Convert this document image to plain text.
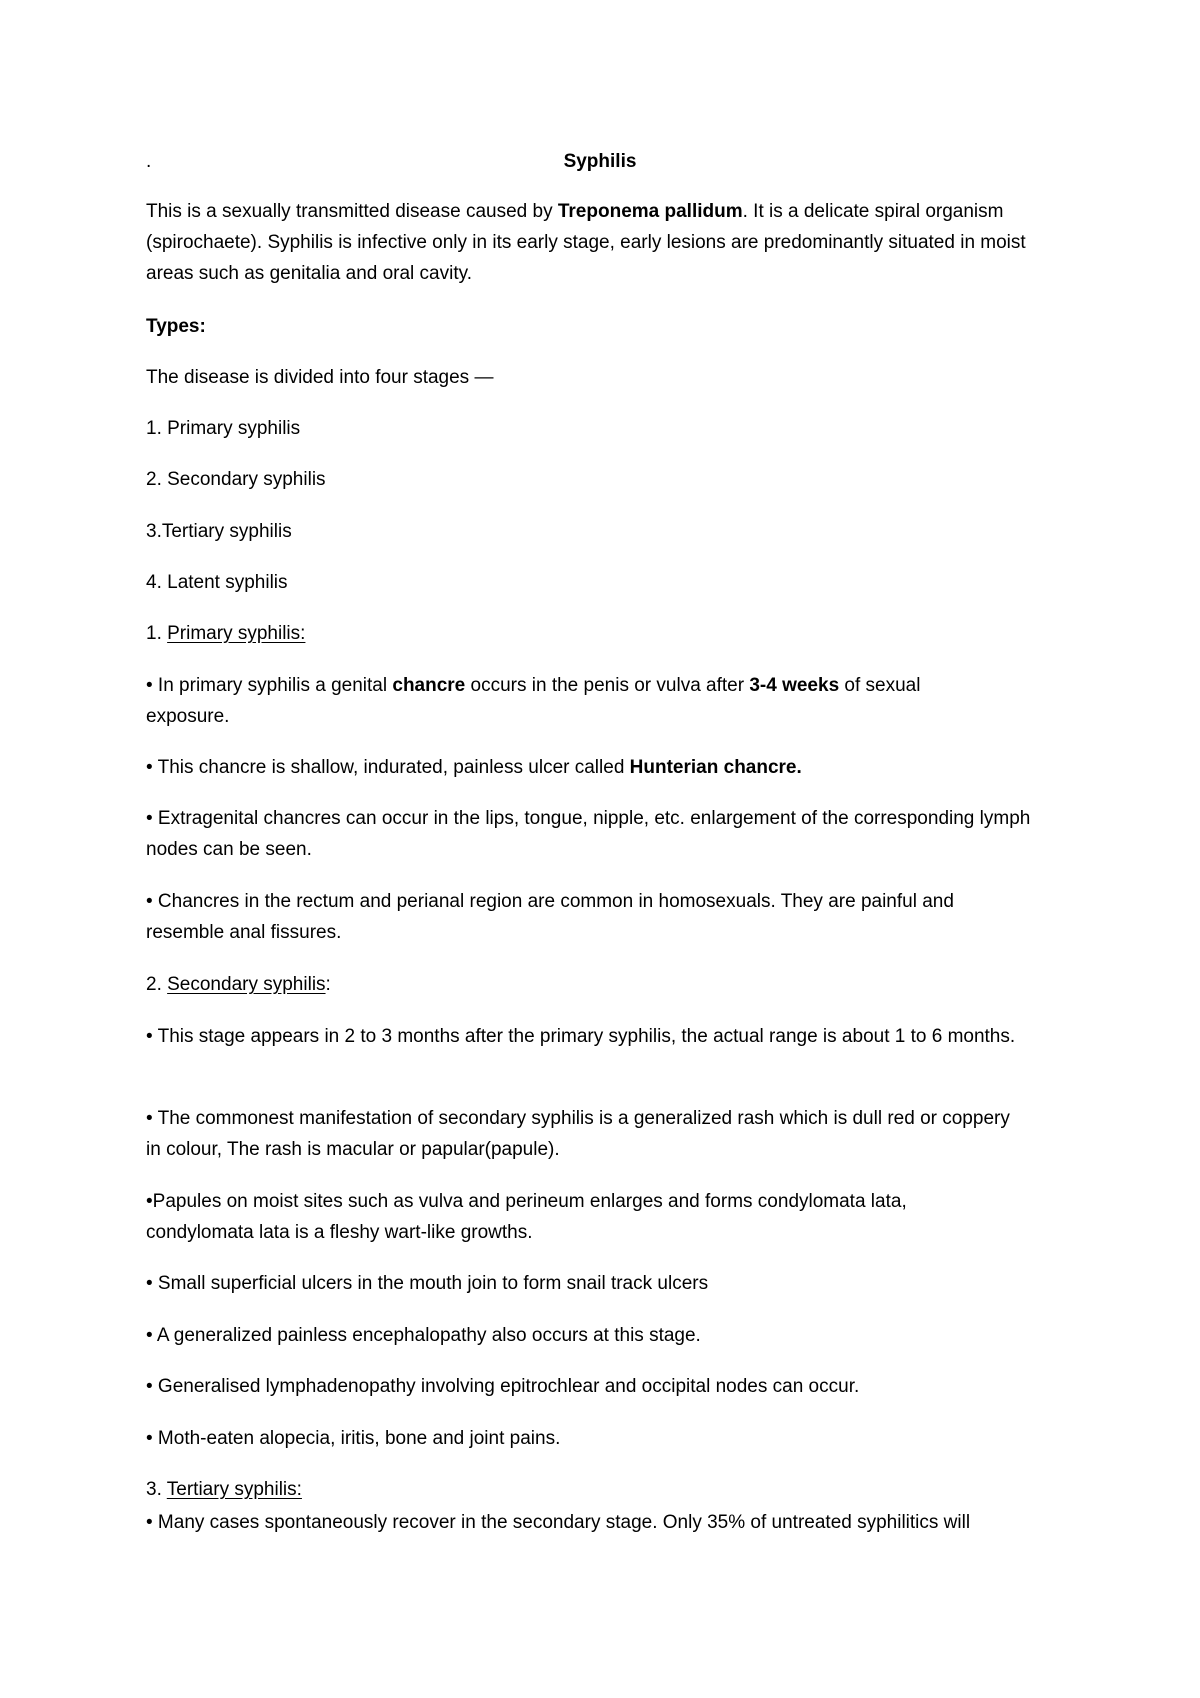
.	Syphilis

This is a sexually transmitted disease caused by Treponema pallidum. It is a delicate spiral organism (spirochaete). Syphilis is infective only in its early stage, early lesions are predominantly situated in moist areas such as genitalia and oral cavity.

Types:

The disease is divided into four stages —

1. Primary syphilis

2. Secondary syphilis

3.Tertiary syphilis

4. Latent syphilis

1. Primary syphilis:

• In primary syphilis a genital chancre occurs in the penis or vulva after 3-4 weeks of sexual exposure.

• This chancre is shallow, indurated, painless ulcer called Hunterian chancre.

• Extragenital chancres can occur in the lips, tongue, nipple, etc. enlargement of the corresponding lymph nodes can be seen.

• Chancres in the rectum and perianal region are common in homosexuals. They are painful and resemble anal fissures.

2. Secondary syphilis:

• This stage appears in 2 to 3 months after the primary syphilis, the actual range is about 1 to 6 months.

• The commonest manifestation of secondary syphilis is a generalized rash which is dull red or coppery in colour, The rash is macular or papular(papule).

•Papules on moist sites such as vulva and perineum enlarges and forms condylomata lata, condylomata lata is a fleshy wart-like growths.

• Small superficial ulcers in the mouth join to form snail track ulcers

• A generalized painless encephalopathy also occurs at this stage.

• Generalised lymphadenopathy involving epitrochlear and occipital nodes can occur.

• Moth-eaten alopecia, iritis, bone and joint pains.

3. Tertiary syphilis:

• Many cases spontaneously recover in the secondary stage. Only 35% of untreated syphilitics will
